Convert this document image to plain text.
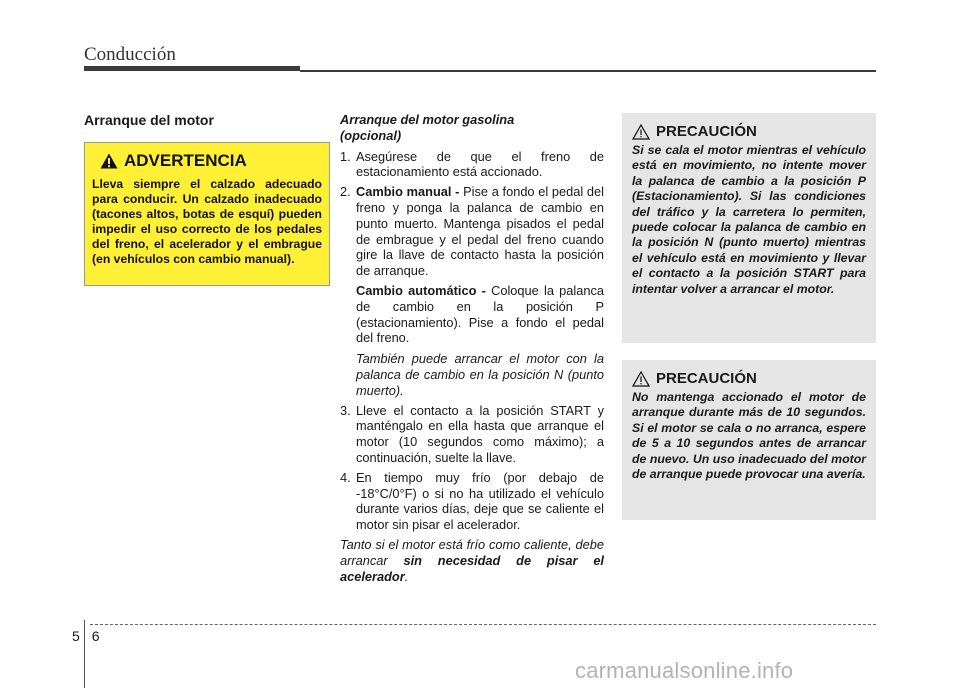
Conducción
Arranque del motor
ADVERTENCIA
Lleva siempre el calzado adecuado para conducir. Un calzado inadecuado (tacones altos, botas de esquí) pueden impedir el uso correcto de los pedales del freno, el acelerador y el embrague (en vehículos con cambio manual).

Arranque del motor gasolina
(opcional)

1. Asegúrese de que el freno de estacionamiento está accionado.
2. Cambio manual - Pise a fondo el pedal del freno y ponga la palanca de cambio en punto muerto. Mantenga pisados el pedal de embrague y el pedal del freno cuando gire la llave de contacto hasta la posición de arranque.

Cambio automático - Coloque la palanca de cambio en la posición P (estacionamiento). Pise a fondo el pedal del freno.

También puede arrancar el motor con la palanca de cambio en la posición N (punto muerto).

3. Lleve el contacto a la posición START y manténgalo en ella hasta que arranque el motor (10 segundos como máximo); a continuación, suelte la llave.
4. En tiempo muy frío (por debajo de -18°C/0°F) o si no ha utilizado el vehículo durante varios días, deje que se caliente el motor sin pisar el acelerador.

Tanto si el motor está frío como caliente, debe arrancar sin necesidad de pisar el acelerador.

PRECAUCIÓN
Si se cala el motor mientras el vehículo está en movimiento, no intente mover la palanca de cambio a la posición P (Estacionamiento). Si las condiciones del tráfico y la carretera lo permiten, puede colocar la palanca de cambio en la posición N (punto muerto) mientras el vehículo está en movimiento y llevar el contacto a la posición START para intentar volver a arrancar el motor.
PRECAUCIÓN
No mantenga accionado el motor de arranque durante más de 10 segundos. Si el motor se cala o no arranca, espere de 5 a 10 segundos antes de arrancar de nuevo. Un uso inadecuado del motor de arranque puede provocar una avería.
5 6
carmanualsonline.info
